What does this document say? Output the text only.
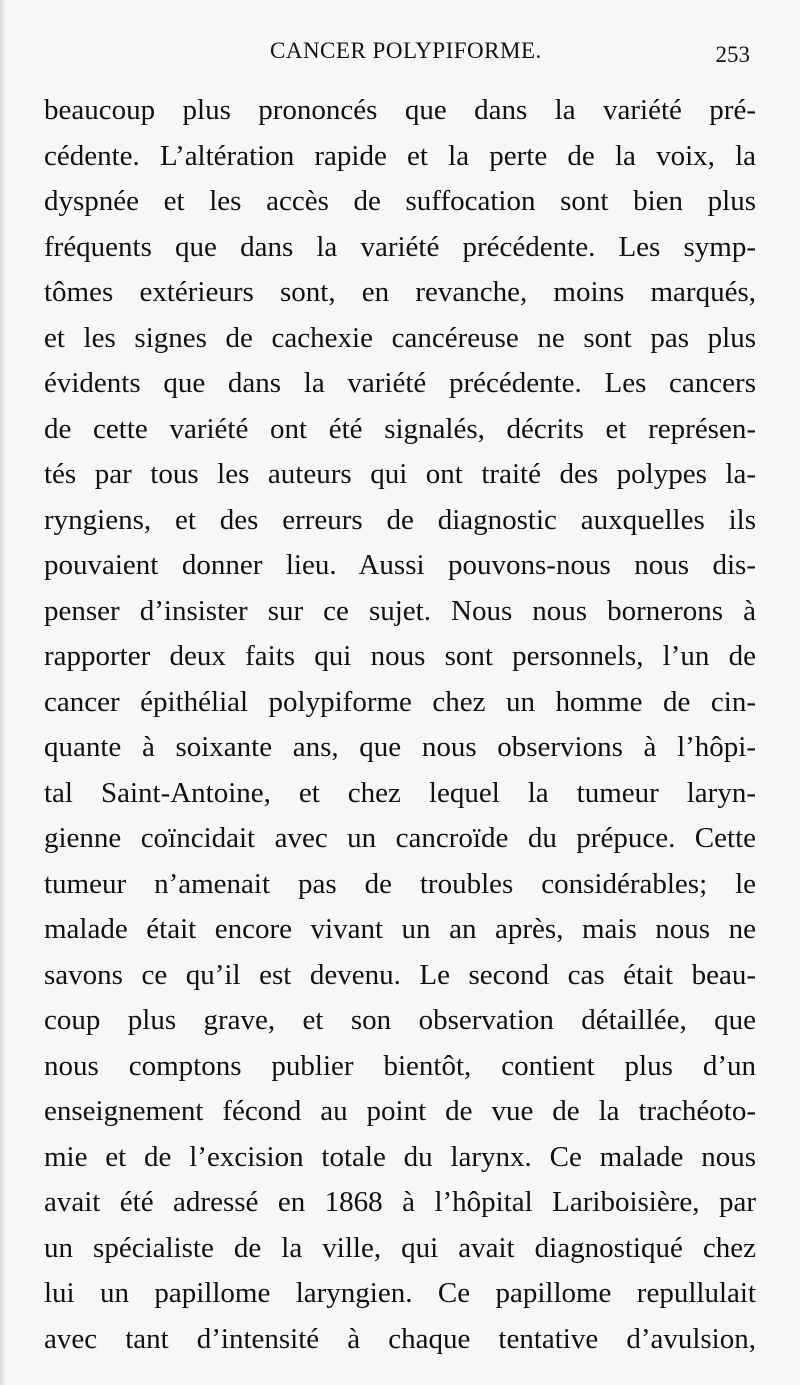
CANCER POLYPIFORME.	253
beaucoup plus prononcés que dans la variété pré-
cédente. L’altération rapide et la perte de la voix, la
dyspnée et les accès de suffocation sont bien plus
fréquents que dans la variété précédente. Les symp-
tômes extérieurs sont, en revanche, moins marqués,
et les signes de cachexie cancéreuse ne sont pas plus
évidents que dans la variété précédente. Les cancers
de cette variété ont été signalés, décrits et représen-
tés par tous les auteurs qui ont traité des polypes la-
ryngiens, et des erreurs de diagnostic auxquelles ils
pouvaient donner lieu. Aussi pouvons-nous nous dis-
penser d’insister sur ce sujet. Nous nous bornerons à
rapporter deux faits qui nous sont personnels, l’un de
cancer épithélial polypiforme chez un homme de cin-
quante à soixante ans, que nous observions à l’hôpi-
tal Saint-Antoine, et chez lequel la tumeur laryn-
gienne coïncidait avec un cancroïde du prépuce. Cette
tumeur n’amenait pas de troubles considérables; le
malade était encore vivant un an après, mais nous ne
savons ce qu’il est devenu. Le second cas était beau-
coup plus grave, et son observation détaillée, que
nous comptons publier bientôt, contient plus d’un
enseignement fécond au point de vue de la trachéoto-
mie et de l’excision totale du larynx. Ce malade nous
avait été adressé en 1868 à l’hôpital Lariboisière, par
un spécialiste de la ville, qui avait diagnostiqué chez
lui un papillome laryngien. Ce papillome repullulait
avec tant d’intensité à chaque tentative d’avulsion,
